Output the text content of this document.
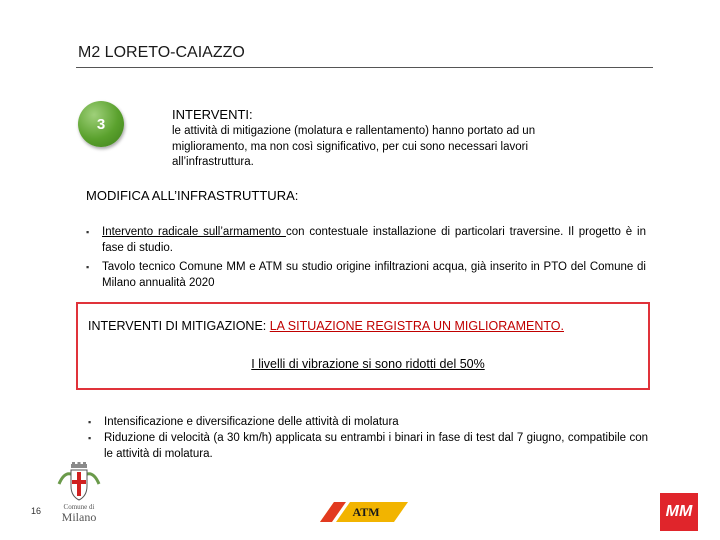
M2 LORETO-CAIAZZO
3
INTERVENTI:
le attività di mitigazione (molatura e rallentamento) hanno portato ad un miglioramento, ma non così significativo, per cui sono necessari lavori all’infrastruttura.
MODIFICA ALL’INFRASTRUTTURA:
▪ Intervento radicale sull’armamento con contestuale installazione di particolari traversine. Il progetto è in fase di studio.
▪ Tavolo tecnico Comune MM e ATM su studio origine infiltrazioni acqua, già inserito in PTO del Comune di Milano annualità 2020
INTERVENTI DI MITIGAZIONE: LA SITUAZIONE REGISTRA UN MIGLIORAMENTO.
I livelli di vibrazione si sono ridotti del 50%
▪ Intensificazione e diversificazione delle attività di molatura
▪ Riduzione di velocità (a 30 km/h) applicata su entrambi i binari in fase di test dal 7 giugno, compatibile con le attività di molatura.
16	Comune di
Milano	ATM	MM
